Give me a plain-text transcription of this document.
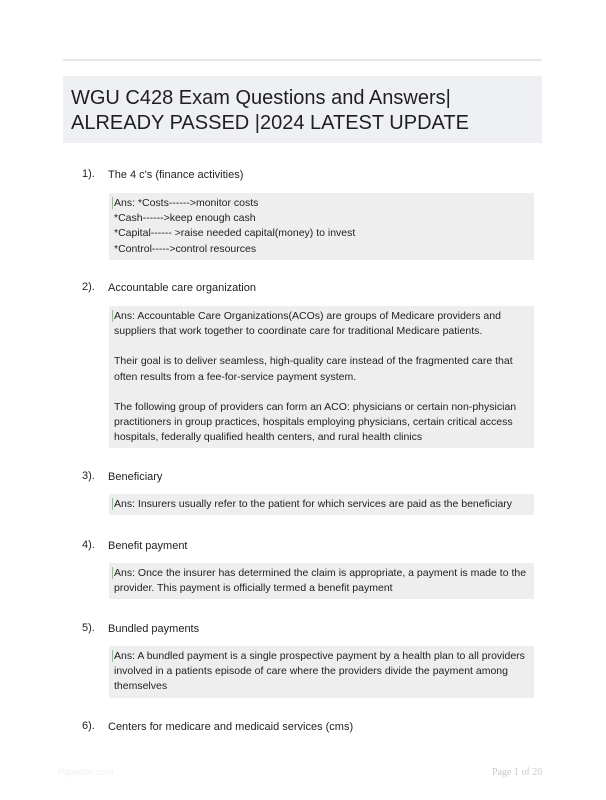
WGU C428 Exam Questions and Answers|

ALREADY PASSED |2024 LATEST UPDATE

1). The 4 c's (finance activities)

Ans: *Costs------>monitor costs

*Cash------>keep enough cash

*Capital------ >raise needed capital(money) to invest

*Control----->control resources

2). Accountable care organization

Ans: Accountable Care Organizations(ACOs) are groups of Medicare providers and

suppliers that work together to coordinate care for traditional Medicare patients.

Their goal is to deliver seamless, high-quality care instead of the fragmented care that

often results from a fee-for-service payment system.

The following group of providers can form an ACO: physicians or certain non-physician

practitioners in group practices, hospitals employing physicians, certain critical access

hospitals, federally qualified health centers, and rural health clinics

3). Beneficiary

Ans: Insurers usually refer to the patient for which services are paid as the beneficiary

4). Benefit payment

Ans: Once the insurer has determined the claim is appropriate, a payment is made to the

provider. This payment is officially termed a benefit payment

5). Bundled payments

Ans: A bundled payment is a single prospective payment by a health plan to all providers

involved in a patients episode of care where the providers divide the payment among

themselves

6). Centers for medicare and medicaid services (cms)
Paperbin.com	Page 1 of 20
